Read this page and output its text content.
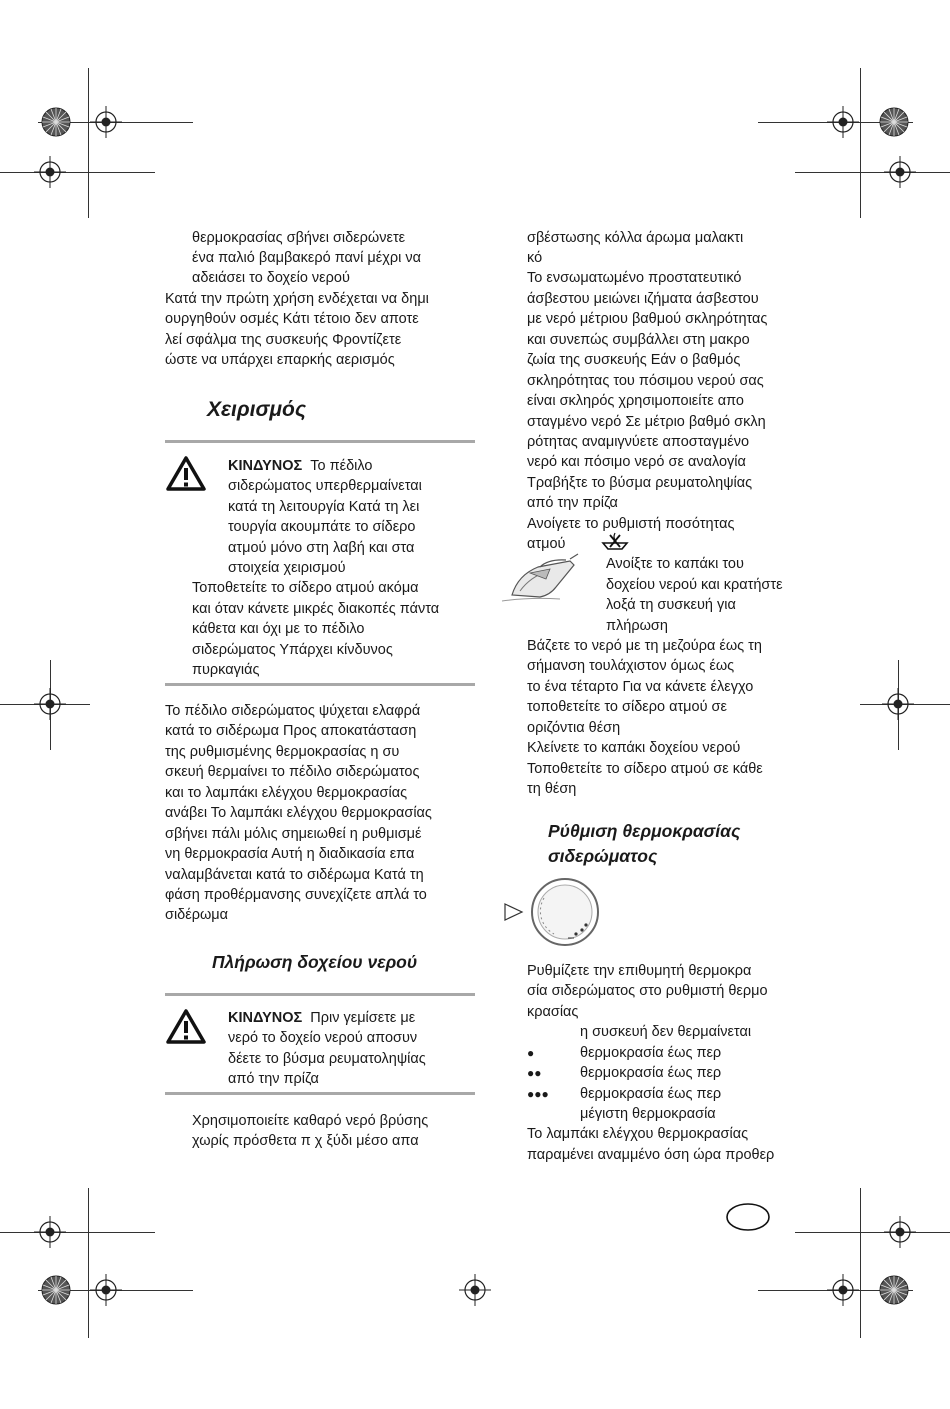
θερμοκρασίας σβήνει σιδερώνετε
ένα παλιό βαμβακερό πανί μέχρι να
αδειάσει το δοχείο νερού
Κατά την πρώτη χρήση ενδέχεται να δημι
ουργηθούν οσμές Κάτι τέτοιο δεν αποτε
λεί σφάλμα της συσκευής Φροντίζετε
ώστε να υπάρχει επαρκής αερισμός
Χειρισμός
ΚΙΝΔΥΝΟΣ Το πέδιλο
σιδερώματος υπερθερμαίνεται
κατά τη λειτουργία Κατά τη λει
τουργία ακουμπάτε το σίδερο
ατμού μόνο στη λαβή και στα
στοιχεία χειρισμού
Τοποθετείτε το σίδερο ατμού ακόμα
και όταν κάνετε μικρές διακοπές πάντα
κάθετα και όχι με το πέδιλο
σιδερώματος Υπάρχει κίνδυνος
πυρκαγιάς
Το πέδιλο σιδερώματος ψύχεται ελαφρά
κατά το σιδέρωμα Προς αποκατάσταση
της ρυθμισμένης θερμοκρασίας η συ
σκευή θερμαίνει το πέδιλο σιδερώματος
και το λαμπάκι ελέγχου θερμοκρασίας
ανάβει Το λαμπάκι ελέγχου θερμοκρασίας
σβήνει πάλι μόλις σημειωθεί η ρυθμισμέ
νη θερμοκρασία Αυτή η διαδικασία επα
ναλαμβάνεται κατά το σιδέρωμα Κατά τη
φάση προθέρμανσης συνεχίζετε απλά το
σιδέρωμα
Πλήρωση δοχείου νερού
ΚΙΝΔΥΝΟΣ Πριν γεμίσετε με
νερό το δοχείο νερού αποσυν
δέετε το βύσμα ρευματοληψίας
από την πρίζα
Χρησιμοποιείτε καθαρό νερό βρύσης
χωρίς πρόσθετα π χ ξύδι μέσο απα
σβέστωσης κόλλα άρωμα μαλακτι
κό
Το ενσωματωμένο προστατευτικό
άσβεστου μειώνει ιζήματα άσβεστου
με νερό μέτριου βαθμού σκληρότητας
και συνεπώς συμβάλλει στη μακρο
ζωία της συσκευής Εάν ο βαθμός
σκληρότητας του πόσιμου νερού σας
είναι σκληρός χρησιμοποιείτε απο
σταγμένο νερό Σε μέτριο βαθμό σκλη
ρότητας αναμιγνύετε αποσταγμένο
νερό και πόσιμο νερό σε αναλογία
Τραβήξτε το βύσμα ρευματοληψίας
από την πρίζα
Ανοίγετε το ρυθμιστή ποσότητας
ατμού
Ανοίξτε το καπάκι του
δοχείου νερού και κρατήστε
λοξά τη συσκευή για
πλήρωση
Βάζετε το νερό με τη μεζούρα έως τη
σήμανση τουλάχιστον όμως έως
το ένα τέταρτο Για να κάνετε έλεγχο
τοποθετείτε το σίδερο ατμού σε
οριζόντια θέση
Κλείνετε το καπάκι δοχείου νερού
Τοποθετείτε το σίδερο ατμού σε κάθε
τη θέση
Ρύθμιση θερμοκρασίας
σιδερώματος
Ρυθμίζετε την επιθυμητή θερμοκρα
σία σιδερώματος στο ρυθμιστή θερμο
κρασίας
η συσκευή δεν θερμαίνεται
●	θερμοκρασία έως περ
●●	θερμοκρασία έως περ
●●● θερμοκρασία έως περ
μέγιστη θερμοκρασία
Το λαμπάκι ελέγχου θερμοκρασίας
παραμένει αναμμένο όση ώρα προθερ
